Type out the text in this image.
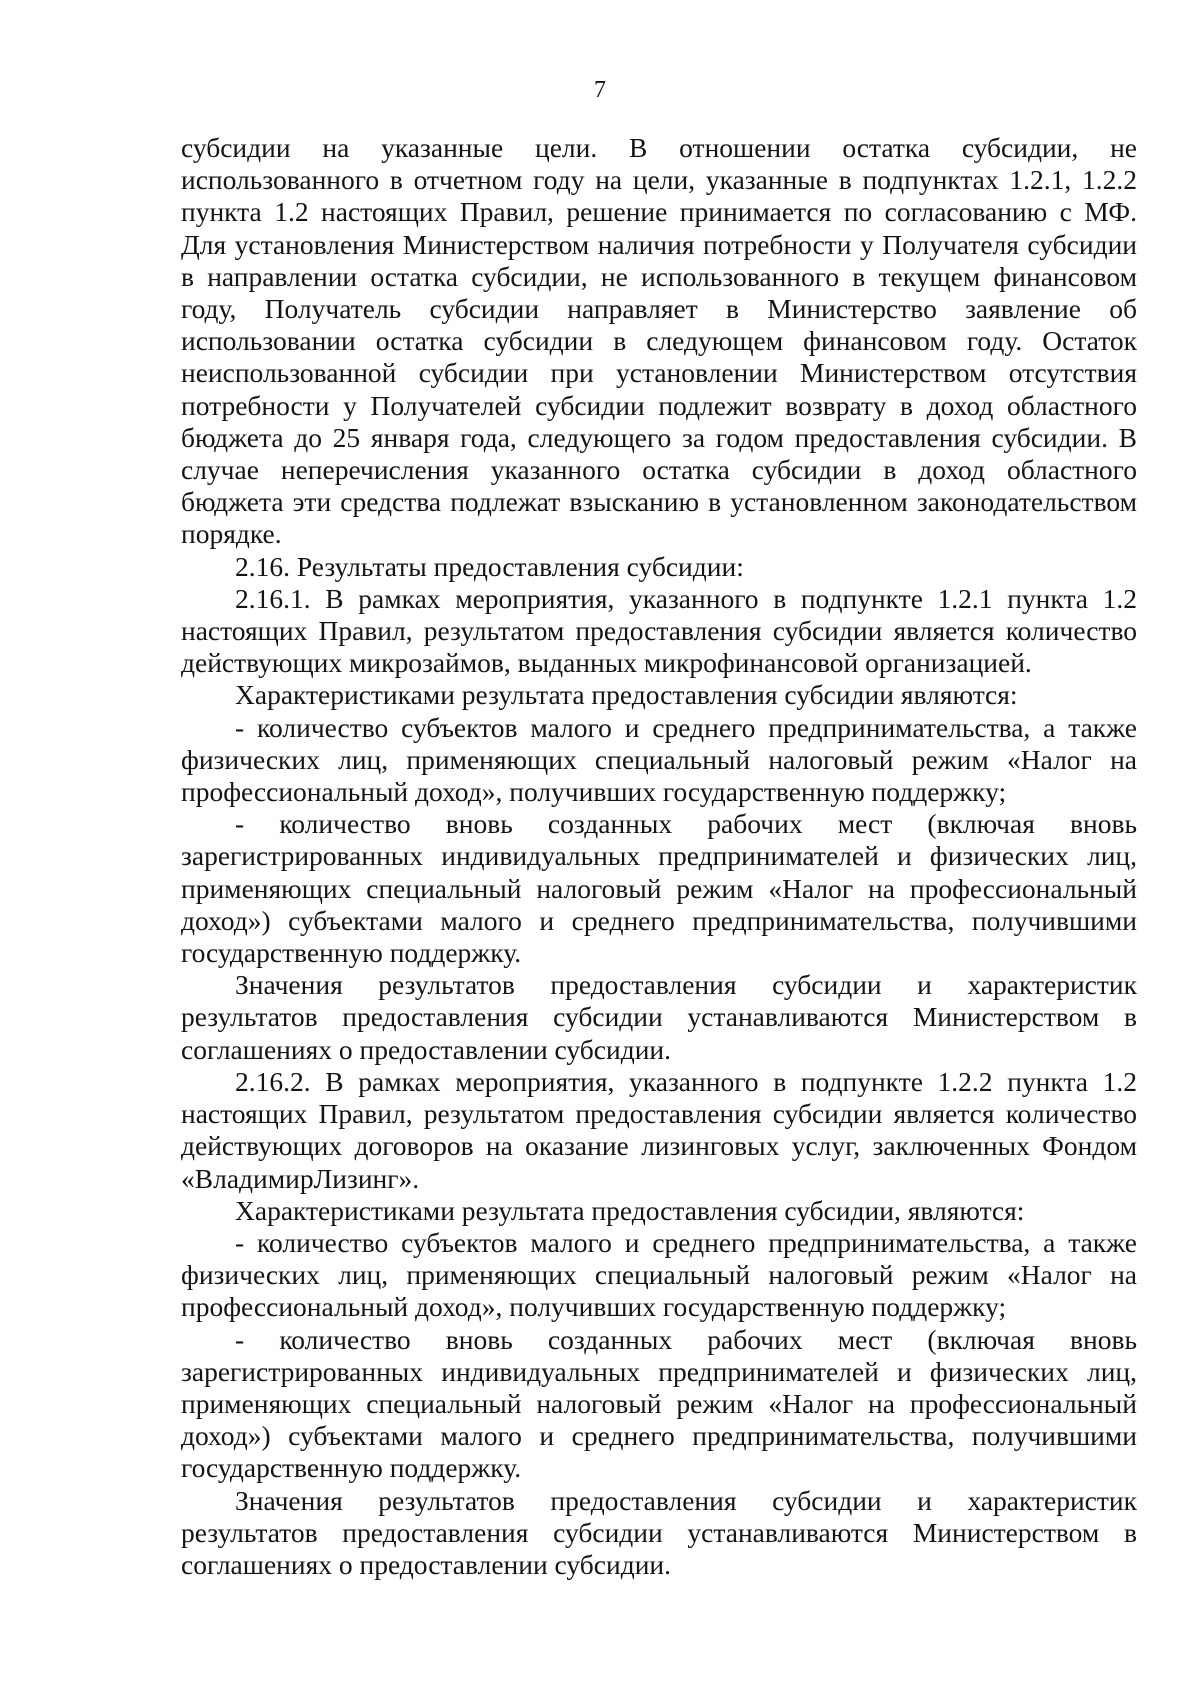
7

субсидии на указанные цели. В отношении остатка субсидии, не использованного в отчетном году на цели, указанные в подпунктах 1.2.1, 1.2.2 пункта 1.2 настоящих Правил, решение принимается по согласованию с МФ. Для установления Министерством наличия потребности у Получателя субсидии в направлении остатка субсидии, не использованного в текущем финансовом году, Получатель субсидии направляет в Министерство заявление об использовании остатка субсидии в следующем финансовом году. Остаток неиспользованной субсидии при установлении Министерством отсутствия потребности у Получателей субсидии подлежит возврату в доход областного бюджета до 25 января года, следующего за годом предоставления субсидии. В случае неперечисления указанного остатка субсидии в доход областного бюджета эти средства подлежат взысканию в установленном законодательством порядке.

2.16. Результаты предоставления субсидии:

2.16.1. В рамках мероприятия, указанного в подпункте 1.2.1 пункта 1.2 настоящих Правил, результатом предоставления субсидии является количество действующих микрозаймов, выданных микрофинансовой организацией.

Характеристиками результата предоставления субсидии являются:

- количество субъектов малого и среднего предпринимательства, а также физических лиц, применяющих специальный налоговый режим «Налог на профессиональный доход», получивших государственную поддержку;

- количество вновь созданных рабочих мест (включая вновь зарегистрированных индивидуальных предпринимателей и физических лиц, применяющих специальный налоговый режим «Налог на профессиональный доход») субъектами малого и среднего предпринимательства, получившими государственную поддержку.

Значения результатов предоставления субсидии и характеристик результатов предоставления субсидии устанавливаются Министерством в соглашениях о предоставлении субсидии.

2.16.2. В рамках мероприятия, указанного в подпункте 1.2.2 пункта 1.2 настоящих Правил, результатом предоставления субсидии является количество действующих договоров на оказание лизинговых услуг, заключенных Фондом «ВладимирЛизинг».

Характеристиками результата предоставления субсидии, являются:

- количество субъектов малого и среднего предпринимательства, а также физических лиц, применяющих специальный налоговый режим «Налог на профессиональный доход», получивших государственную поддержку;

- количество вновь созданных рабочих мест (включая вновь зарегистрированных индивидуальных предпринимателей и физических лиц, применяющих специальный налоговый режим «Налог на профессиональный доход») субъектами малого и среднего предпринимательства, получившими государственную поддержку.

Значения результатов предоставления субсидии и характеристик результатов предоставления субсидии устанавливаются Министерством в соглашениях о предоставлении субсидии.
